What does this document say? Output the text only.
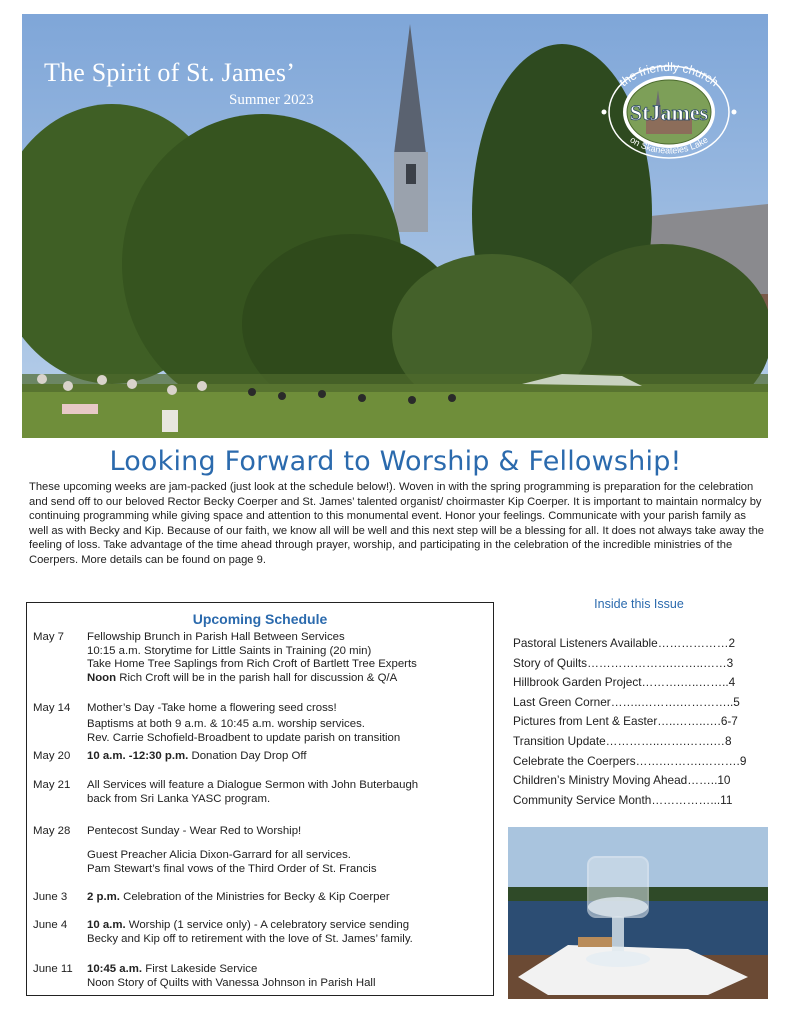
The Spirit of St. James’
Summer 2023
the friendly church
StJames
on Skaneateles Lake
Looking Forward to Worship & Fellowship!
These upcoming weeks are jam-packed (just look at the schedule below!). Woven in with the spring programming is preparation for the celebration and send off to our beloved Rector Becky Coerper and St. James’ talented organist/ choirmaster Kip Coerper. It is important to maintain normalcy by continuing programming while giving space and attention to this monumental event. Honor your feelings. Communicate with your parish family as well as with Becky and Kip. Because of our faith, we know all will be well and this next step will be a blessing for all. It does not always take away the feeling of loss. Take advantage of the time ahead through prayer, worship, and participating in the celebration of the incredible ministries of the Coerpers. More details can be found on page 9.
Upcoming Schedule
May 7	Fellowship Brunch in Parish Hall Between Services
10:15 a.m. Storytime for Little Saints in Training (20 min)
Take Home Tree Saplings from Rich Croft of Bartlett Tree Experts
Noon Rich Croft will be in the parish hall for discussion & Q/A
May 14	Mother’s Day -Take home a flowering seed cross!
Baptisms at both 9 a.m. & 10:45 a.m. worship services.
Rev. Carrie Schofield-Broadbent to update parish on transition
May 20	10 a.m. -12:30 p.m. Donation Day Drop Off
May 21	All Services will feature a Dialogue Sermon with John Buterbaugh
back from Sri Lanka YASC program.
May 28	Pentecost Sunday - Wear Red to Worship!
Guest Preacher Alicia Dixon-Garrard for all services.
Pam Stewart’s final vows of the Third Order of St. Francis
June 3	2 p.m. Celebration of the Ministries for Becky & Kip Coerper
June 4	10 a.m. Worship (1 service only) - A celebratory service sending
Becky and Kip off to retirement with the love of St. James’ family.
June 11	10:45 a.m. First Lakeside Service
Noon Story of Quilts with Vanessa Johnson in Parish Hall
Inside this Issue
Pastoral Listeners Available………………2
Story of Quilts………………….……..……3
Hillbrook Garden Project……….…..……..4
Last Green Corner……..……….…………..5
Pictures from Lent & Easter…..……..….6-7
Transition Update…………..…….…….…8
Celebrate the Coerpers…….……….……….9
Children’s Ministry Moving Ahead……..10
Community Service Month……………...11
